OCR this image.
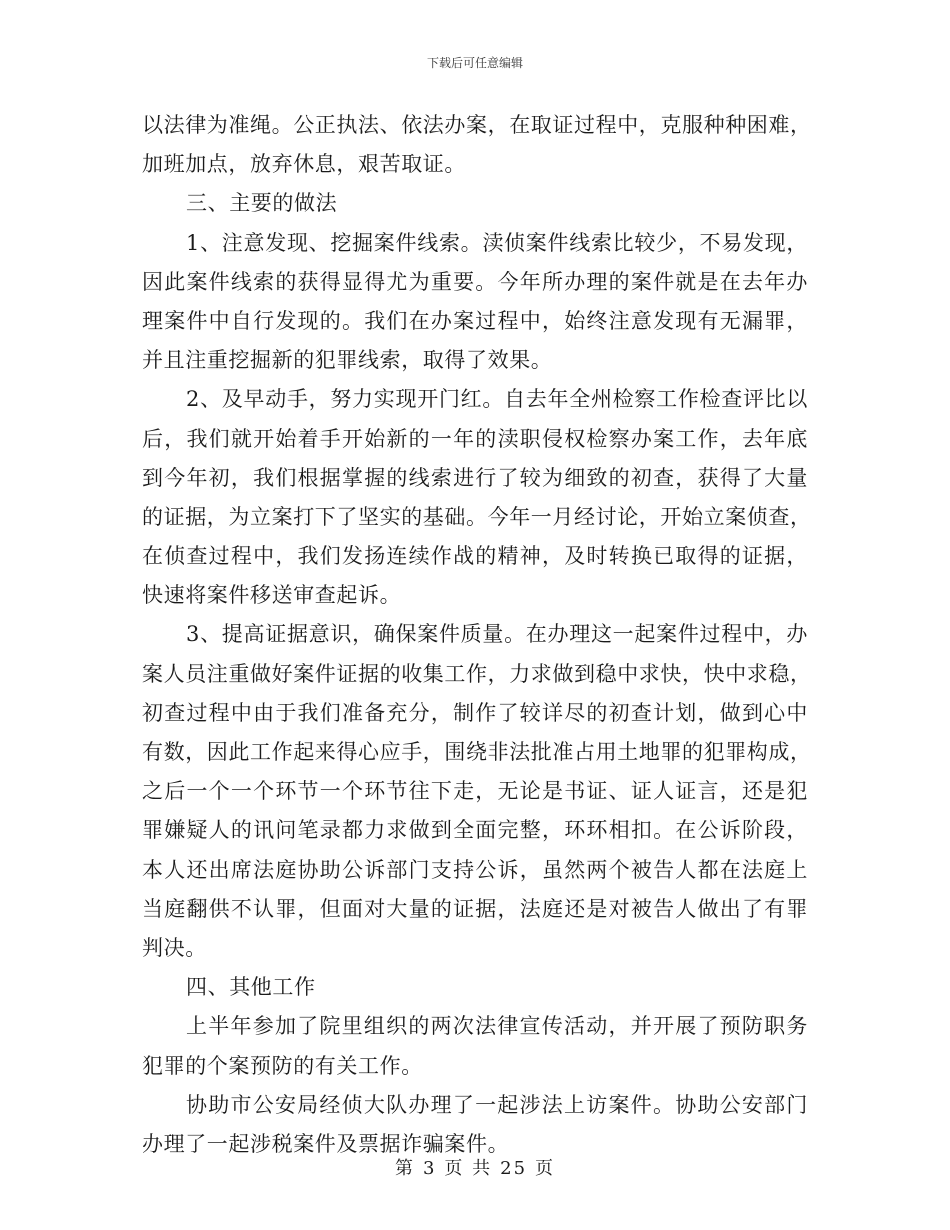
下载后可任意编辑
以法律为准绳。公正执法、依法办案，在取证过程中，克服种种困难，
加班加点，放弃休息，艰苦取证。
三、主要的做法
1、注意发现、挖掘案件线索。渎侦案件线索比较少，不易发现，
因此案件线索的获得显得尤为重要。今年所办理的案件就是在去年办
理案件中自行发现的。我们在办案过程中，始终注意发现有无漏罪，
并且注重挖掘新的犯罪线索，取得了效果。
2、及早动手，努力实现开门红。自去年全州检察工作检查评比以
后，我们就开始着手开始新的一年的渎职侵权检察办案工作，去年底
到今年初，我们根据掌握的线索进行了较为细致的初查，获得了大量
的证据，为立案打下了坚实的基础。今年一月经讨论，开始立案侦查，
在侦查过程中，我们发扬连续作战的精神，及时转换已取得的证据，
快速将案件移送审查起诉。
3、提高证据意识，确保案件质量。在办理这一起案件过程中，办
案人员注重做好案件证据的收集工作，力求做到稳中求快，快中求稳，
初查过程中由于我们准备充分，制作了较详尽的初查计划，做到心中
有数，因此工作起来得心应手，围绕非法批准占用土地罪的犯罪构成，
之后一个一个环节一个环节往下走，无论是书证、证人证言，还是犯
罪嫌疑人的讯问笔录都力求做到全面完整，环环相扣。在公诉阶段，
本人还出席法庭协助公诉部门支持公诉，虽然两个被告人都在法庭上
当庭翻供不认罪，但面对大量的证据，法庭还是对被告人做出了有罪
判决。
四、其他工作
上半年参加了院里组织的两次法律宣传活动，并开展了预防职务
犯罪的个案预防的有关工作。
协助市公安局经侦大队办理了一起涉法上访案件。协助公安部门
办理了一起涉税案件及票据诈骗案件。
第 3 页 共 25 页
